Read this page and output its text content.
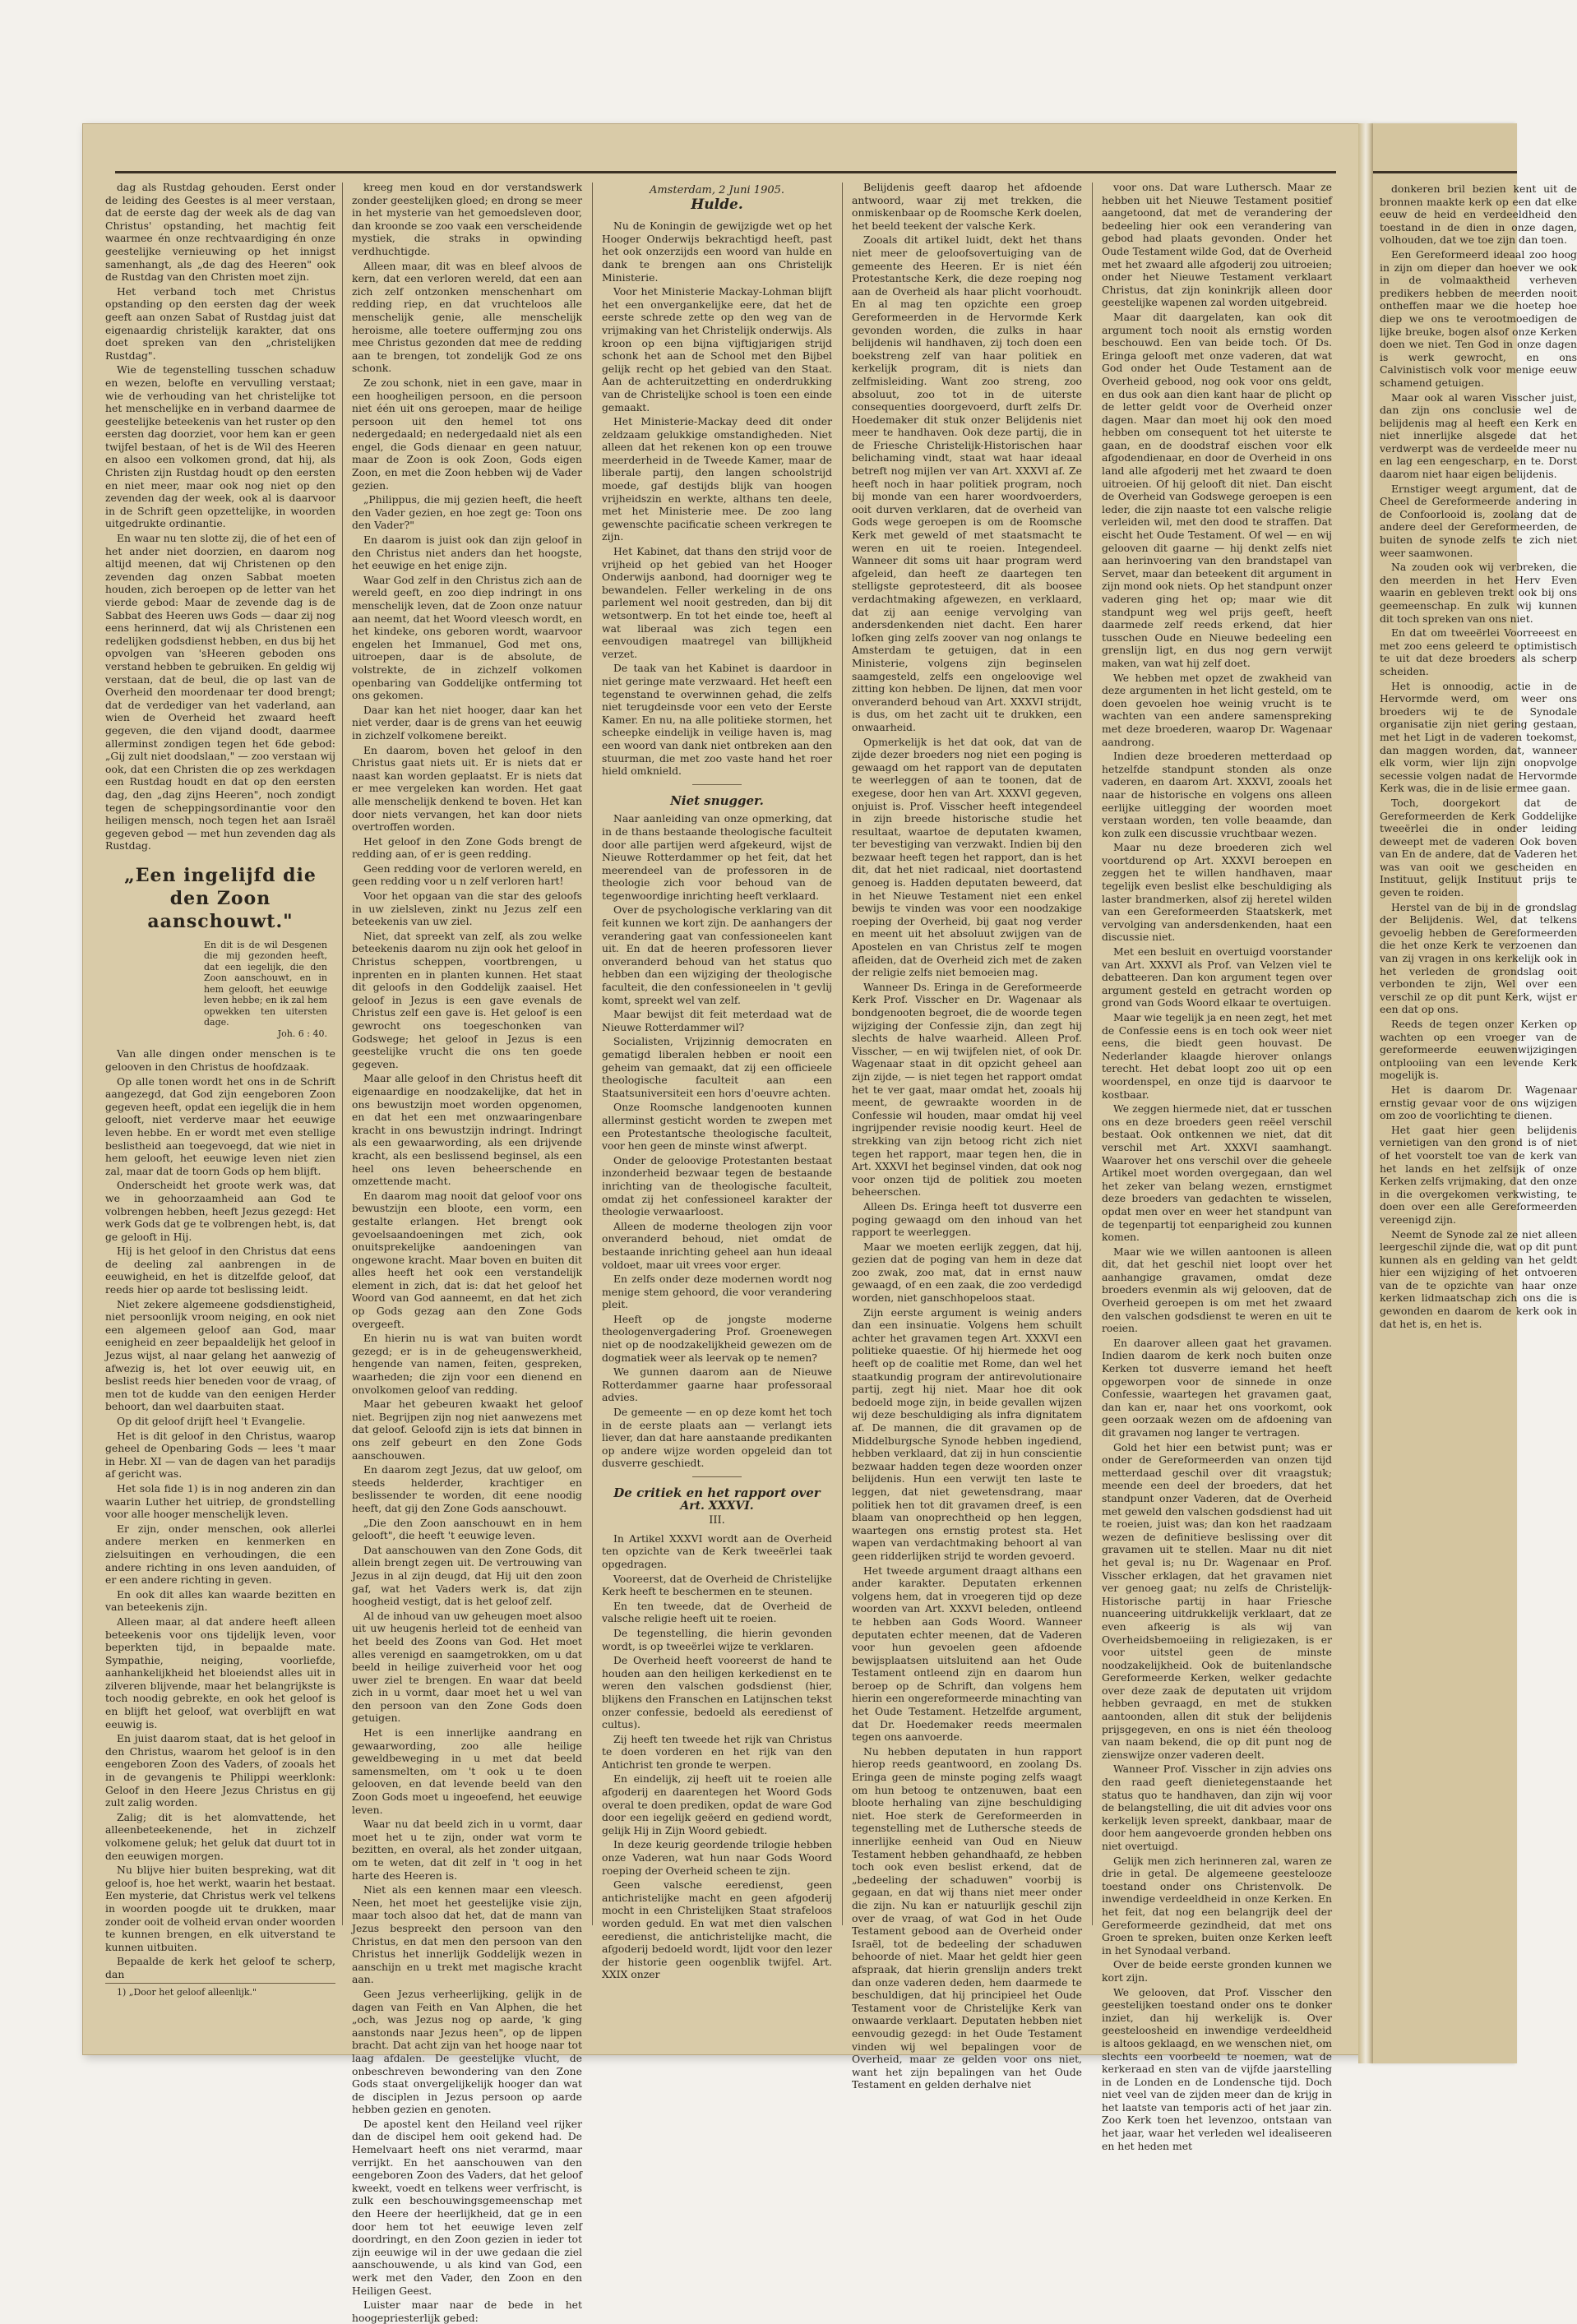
dag als Rustdag gehouden. Eerst onder de leiding des Geestes is al meer verstaan, dat de eerste dag der week als de dag van Christus' opstanding, het machtig feit waarmee én onze rechtvaardiging én onze geestelijke vernieuwing op het innigst samenhangt, als „de dag des Heeren" ook de Rustdag van den Christen moet zijn.

Het verband toch met Christus opstanding op den eersten dag der week geeft aan onzen Sabat of Rustdag juist dat eigenaardig christelijk karakter, dat ons doet spreken van den „christelijken Rustdag".

Wie de tegenstelling tusschen schaduw en wezen, belofte en vervulling verstaat; wie de verhouding van het christelijke tot het menschelijke en in verband daarmee de geestelijke beteekenis van het ruster op den eersten dag doorziet, voor hem kan er geen twijfel bestaan, of het is de Wil des Heeren en alsoo een volkomen grond, dat hij, als Christen zijn Rustdag houdt op den eersten en niet meer, maar ook nog niet op den zevenden dag der week, ook al is daarvoor in de Schrift geen opzettelijke, in woorden uitgedrukte ordinantie.

En waar nu ten slotte zij, die of het een of het ander niet doorzien, en daarom nog altijd meenen, dat wij Christenen op den zevenden dag onzen Sabbat moeten houden, zich beroepen op de letter van het vierde gebod: Maar de zevende dag is de Sabbat des Heeren uws Gods — daar zij nog eens herinnerd, dat wij als Christenen een redelijken godsdienst hebben, en dus bij het opvolgen van 'sHeeren geboden ons verstand hebben te gebruiken. En geldig wij verstaan, dat de beul, die op last van de Overheid den moordenaar ter dood brengt; dat de verdediger van het vaderland, aan wien de Overheid het zwaard heeft gegeven, die den vijand doodt, daarmee allerminst zondigen tegen het 6de gebod: „Gij zult niet doodslaan," — zoo verstaan wij ook, dat een Christen die op zes werkdagen een Rustdag houdt en dat op den eersten dag, den „dag zijns Heeren", noch zondigt tegen de scheppingsordinantie voor den heiligen mensch, noch tegen het aan Israël gegeven gebod — met hun zevenden dag als Rustdag.

„Een ingelijfd die den Zoon aanschouwt."
En dit is de wil Desgenen die mij gezonden heeft, dat een iegelijk, die den Zoon aanschouwt, en in hem gelooft, het eeuwige leven hebbe; en ik zal hem opwekken ten uitersten dage.
Joh. 6 : 40.

Van alle dingen onder menschen is te gelooven in den Christus de hoofdzaak.

Op alle tonen wordt het ons in de Schrift aangezegd, dat God zijn eengeboren Zoon gegeven heeft, opdat een iegelijk die in hem gelooft, niet verderve maar het eeuwige leven hebbe. En er wordt met even stellige beslistheid aan toegevoegd, dat wie niet in hem gelooft, het eeuwige leven niet zien zal, maar dat de toorn Gods op hem blijft.

Onderscheidt het groote werk was, dat we in gehoorzaamheid aan God te volbrengen hebben, heeft Jezus gezegd: Het werk Gods dat ge te volbrengen hebt, is, dat ge gelooft in Hij.

Hij is het geloof in den Christus dat eens de deeling zal aanbrengen in de eeuwigheid, en het is ditzelfde geloof, dat reeds hier op aarde tot beslissing leidt.

Niet zekere algemeene godsdienstigheid, niet persoonlijk vroom neiging, en ook niet een algemeen geloof aan God, maar eenigheid en zeer bepaaldelijk het geloof in Jezus wijst, al naar gelang het aanwezig of afwezig is, het lot over eeuwig uit, en beslist reeds hier beneden voor de vraag, of men tot de kudde van den eenigen Herder behoort, dan wel daarbuiten staat.

Op dit geloof drijft heel 't Evangelie.

Het is dit geloof in den Christus, waarop geheel de Openbaring Gods — lees 't maar in Hebr. XI — van de dagen van het paradijs af gericht was.

Het sola fide 1) is in nog anderen zin dan waarin Luther het uitriep, de grondstelling voor alle hooger menschelijk leven.

Er zijn, onder menschen, ook allerlei andere merken en kenmerken en zielsuitingen en verhoudingen, die een andere richting in ons leven aanduiden, of er een andere richting in geven.

En ook dit alles kan waarde bezitten en van beteekenis zijn.

Alleen maar, al dat andere heeft alleen beteekenis voor ons tijdelijk leven, voor beperkten tijd, in bepaalde mate. Sympathie, neiging, voorliefde, aanhankelijkheid het bloeiendst alles uit in zilveren blijvende, maar het belangrijkste is toch noodig gebrekte, en ook het geloof is en blijft het geloof, wat overblijft en wat eeuwig is.

En juist daarom staat, dat is het geloof in den Christus, waarom het geloof is in den eengeboren Zoon des Vaders, of zooals het in de gevangenis te Philippi weerklonk: Geloof in den Heere Jezus Christus en gij zult zalig worden.

Zalig; dit is het alomvattende, het alleenbeteekenende, het in zichzelf volkomene geluk; het geluk dat duurt tot in den eeuwigen morgen.

Nu blijve hier buiten bespreking, wat dit geloof is, hoe het werkt, waarin het bestaat. Een mysterie, dat Christus werk vel telkens in woorden poogde uit te drukken, maar zonder ooit de volheid ervan onder woorden te kunnen brengen, en elk uitverstand te kunnen uitbuiten.

Bepaalde de kerk het geloof te scherp, dan

1) „Door het geloof alleenlijk."

kreeg men koud en dor verstandswerk zonder geestelijken gloed; en drong se meer in het mysterie van het gemoedsleven door, dan kroonde se zoo vaak een verscheidende mystiek, die straks in opwinding verdhuchtigde.

Alleen maar, dit was en bleef alvoos de kern, dat een verloren wereld, dat een aan zich zelf ontzonken menschenhart om redding riep, en dat vruchteloos alle menschelijk genie, alle menschelijk heroisme, alle toetere ouffermjng zou ons mee Christus gezonden dat mee de redding aan te brengen, tot zondelijk God ze ons schonk.

Ze zou schonk, niet in een gave, maar in een hoogheiligen persoon, en die persoon niet één uit ons geroepen, maar de heilige persoon uit den hemel tot ons nedergedaald; en nedergedaald niet als een engel, die Gods dienaar en geen natuur, maar de Zoon is ook Zoon, Gods eigen Zoon, en met die Zoon hebben wij de Vader gezien.

„Philippus, die mij gezien heeft, die heeft den Vader gezien, en hoe zegt ge: Toon ons den Vader?"

En daarom is juist ook dan zijn geloof in den Christus niet anders dan het hoogste, het eeuwige en het enige zijn.

Waar God zelf in den Christus zich aan de wereld geeft, en zoo diep indringt in ons menschelijk leven, dat de Zoon onze natuur aan neemt, dat het Woord vleesch wordt, en het kindeke, ons geboren wordt, waarvoor engelen het Immanuel, God met ons, uitroepen, daar is de absolute, de volstrekte, de in zichzelf volkomen openbaring van Goddelijke ontferming tot ons gekomen.

Daar kan het niet hooger, daar kan het niet verder, daar is de grens van het eeuwig in zichzelf volkomene bereikt.

En daarom, boven het geloof in den Christus gaat niets uit. Er is niets dat er naast kan worden geplaatst. Er is niets dat er mee vergeleken kan worden. Het gaat alle menschelijk denkend te boven. Het kan door niets vervangen, het kan door niets overtroffen worden.

Het geloof in den Zone Gods brengt de redding aan, of er is geen redding.

Geen redding voor de verloren wereld, en geen redding voor u n zelf verloren hart!

Voor het opgaan van die star des geloofs in uw zielsleven, zinkt nu Jezus zelf een beteekenis van uw ziel.

Niet, dat spreekt van zelf, als zou welke beteekenis daarom nu zijn ook het geloof in Christus scheppen, voortbrengen, u inprenten en in planten kunnen. Het staat dit geloofs in den Goddelijk zaaisel. Het geloof in Jezus is een gave evenals de Christus zelf een gave is. Het geloof is een gewrocht ons toegeschonken van Godswege; het geloof in Jezus is een geestelijke vrucht die ons ten goede gegeven.

Maar alle geloof in den Christus heeft dit eigenaardige en noodzakelijke, dat het in ons bewustzijn moet worden opgenomen, en dat het een met onzwaaringenbare kracht in ons bewustzijn indringt. Indringt als een gewaarwording, als een drijvende kracht, als een beslissend beginsel, als een heel ons leven beheerschende en omzettende macht.

En daarom mag nooit dat geloof voor ons bewustzijn een bloote, een vorm, een gestalte erlangen. Het brengt ook gevoelsaandoeningen met zich, ook onuitsprekelijke aandoeningen van ongewone kracht. Maar boven en buiten dit alles heeft het ook een verstandelijk element in zich, dat is: dat het geloof het Woord van God aanneemt, en dat het zich op Gods gezag aan den Zone Gods overgeeft.

En hierin nu is wat van buiten wordt gezegd; er is in de geheugenswerkheid, hengende van namen, feiten, gespreken, waarheden; die zijn voor een dienend en onvolkomen geloof van redding.

Maar het gebeuren kwaakt het geloof niet. Begrijpen zijn nog niet aanwezens met dat geloof. Geloofd zijn is iets dat binnen in ons zelf gebeurt en den Zone Gods aanschouwen.

En daarom zegt Jezus, dat uw geloof, om steeds helderder, krachtiger en beslissender te worden, dit eene noodig heeft, dat gij den Zone Gods aanschouwt.

„Die den Zoon aanschouwt en in hem gelooft", die heeft 't eeuwige leven.

Dat aanschouwen van den Zone Gods, dit allein brengt zegen uit. De vertrouwing van Jezus in al zijn deugd, dat Hij uit den zoon gaf, wat het Vaders werk is, dat zijn hoogheid vestigt, dat is het geloof zelf.

Al de inhoud van uw geheugen moet alsoo uit uw heugenis herleid tot de eenheid van het beeld des Zoons van God. Het moet alles verenigd en saamgetrokken, om u dat beeld in heilige zuiverheid voor het oog uwer ziel te brengen. En waar dat beeld zich in u vormt, daar moet het u wel van den persoon van den Zone Gods doen getuigen.

Het is een innerlijke aandrang en gewaarwording, zoo alle heilige geweldbeweging in u met dat beeld samensmelten, om 't ook u te doen gelooven, en dat levende beeld van den Zoon Gods moet u ingeoefend, het eeuwige leven.

Waar nu dat beeld zich in u vormt, daar moet het u te zijn, onder wat vorm te bezitten, en overal, als het zonder uitgaan, om te weten, dat dit zelf in 't oog in het harte des Heeren is.

Niet als een kennen maar een vleesch. Neen, het moet het geestelijke visie zijn, maar toch alsoo dat het, dat de mann van Jezus bespreekt den persoon van den Christus, en dat men den persoon van den Christus het innerlijk Goddelijk wezen in aanschijn en u trekt met magische kracht aan.

Geen Jezus verheerlijking, gelijk in de dagen van Feith en Van Alphen, die het „och, was Jezus nog op aarde, 'k ging aanstonds naar Jezus heen", op de lippen bracht. Dat acht zijn van het hooge naar tot laag afdalen. De geestelijke vlucht, de onbeschreven bewondering van den Zone Gods staat onvergelijkelijk hooger dan wat de disciplen in Jezus persoon op aarde hebben gezien en genoten.

De apostel kent den Heiland veel rijker dan de discipel hem ooit gekend had. De Hemelvaart heeft ons niet verarmd, maar verrijkt. En het aanschouwen van den eengeboren Zoon des Vaders, dat het geloof kweekt, voedt en telkens weer verfrischt, is zulk een beschouwingsgemeenschap met den Heere der heerlijkheid, dat ge in een door hem tot het eeuwige leven zelf doordringt, en den Zoon gezien in ieder tot zijn eeuwige wil in der uwe gedaan die ziel aanschouwende, u als kind van God, een werk met den Vader, den Zoon en den Heiligen Geest.

Luister maar naar de bede in het hoogepriesterlijk gebed:

Amsterdam, 2 Juni 1905.
Hulde.

Nu de Koningin de gewijzigde wet op het Hooger Onderwijs bekrachtigd heeft, past het ook onzerzijds een woord van hulde en dank te brengen aan ons Christelijk Ministerie.

Voor het Ministerie Mackay-Lohman blijft het een onvergankelijke eere, dat het de eerste schrede zette op den weg van de vrijmaking van het Christelijk onderwijs. Als kroon op een bijna vijftigjarigen strijd schonk het aan de School met den Bijbel gelijk recht op het gebied van den Staat. Aan de achteruitzetting en onderdrukking van de Christelijke school is toen een einde gemaakt.

Het Ministerie-Mackay deed dit onder zeldzaam gelukkige omstandigheden. Niet alleen dat het rekenen kon op een trouwe meerderheid in de Tweede Kamer, maar de liberale partij, den langen schoolstrijd moede, gaf destijds blijk van hoogen vrijheidszin en werkte, althans ten deele, met het Ministerie mee. De zoo lang gewenschte pacificatie scheen verkregen te zijn.

Het Kabinet, dat thans den strijd voor de vrijheid op het gebied van het Hooger Onderwijs aanbond, had doorniger weg te bewandelen. Feller werkeling in de ons parlement wel nooit gestreden, dan bij dit wetsontwerp. En tot het einde toe, heeft al wat liberaal was zich tegen een eenvoudigen maatregel van billijkheid verzet.

De taak van het Kabinet is daardoor in niet geringe mate verzwaard. Het heeft een tegenstand te overwinnen gehad, die zelfs niet terugdeinsde voor een veto der Eerste Kamer. En nu, na alle politieke stormen, het scheepke eindelijk in veilige haven is, mag een woord van dank niet ontbreken aan den stuurman, die met zoo vaste hand het roer hield omknield.

Niet snugger.

Naar aanleiding van onze opmerking, dat in de thans bestaande theologische faculteit door alle partijen werd afgekeurd, wijst de Nieuwe Rotterdammer op het feit, dat het meerendeel van de professoren in de theologie zich voor behoud van de tegenwoordige inrichting heeft verklaard.

Over de psychologische verklaring van dit feit kunnen we kort zijn. De aanhangers der verandering gaat van confessioneelen kant uit. En dat de heeren professoren liever onveranderd behoud van het status quo hebben dan een wijziging der theologische faculteit, die den confessioneelen in 't gevlij komt, spreekt wel van zelf.

Maar bewijst dit feit meterdaad wat de Nieuwe Rotterdammer wil?

Socialisten, Vrijzinnig democraten en gematigd liberalen hebben er nooit een geheim van gemaakt, dat zij een officieele theologische faculteit aan een Staatsuniversiteit een hors d'oeuvre achten.

Onze Roomsche landgenooten kunnen allerminst gesticht worden te zwepen met een Protestantsche theologische faculteit, voor hen geen de minste winst afwerpt.

Onder de geloovige Protestanten bestaat inzonderheid bezwaar tegen de bestaande inrichting van de theologische faculteit, omdat zij het confessioneel karakter der theologie verwaarloost.

Alleen de moderne theologen zijn voor onveranderd behoud, niet omdat de bestaande inrichting geheel aan hun ideaal voldoet, maar uit vrees voor erger.

En zelfs onder deze modernen wordt nog menige stem gehoord, die voor verandering pleit.

Heeft op de jongste moderne theologenvergadering Prof. Groenewegen niet op de noodzakelijkheid gewezen om de dogmatiek weer als leervak op te nemen?

We gunnen daarom aan de Nieuwe Rotterdammer gaarne haar professoraal advies.

De gemeente — en op deze komt het toch in de eerste plaats aan — verlangt iets liever, dan dat hare aanstaande predikanten op andere wijze worden opgeleid dan tot dusverre geschiedt.

De critiek en het rapport over
Art. XXXVI.
III.

In Artikel XXXVI wordt aan de Overheid ten opzichte van de Kerk tweeërlei taak opgedragen.

Vooreerst, dat de Overheid de Christelijke Kerk heeft te beschermen en te steunen.

En ten tweede, dat de Overheid de valsche religie heeft uit te roeien.

De tegenstelling, die hierin gevonden wordt, is op tweeërlei wijze te verklaren.

De Overheid heeft vooreerst de hand te houden aan den heiligen kerkedienst en te weren den valschen godsdienst (hier, blijkens den Franschen en Latijnschen tekst onzer confessie, bedoeld als eeredienst of cultus).

Zij heeft ten tweede het rijk van Christus te doen vorderen en het rijk van den Antichrist ten gronde te werpen.

En eindelijk, zij heeft uit te roeien alle afgoderij en daarentegen het Woord Gods overal te doen prediken, opdat de ware God door een iegelijk geëerd en gediend wordt, gelijk Hij in Zijn Woord gebiedt.

In deze keurig geordende trilogie hebben onze Vaderen, wat hun naar Gods Woord roeping der Overheid scheen te zijn.

Geen valsche eeredienst, geen antichristelijke macht en geen afgoderij mocht in een Christelijken Staat strafeloos worden geduld. En wat met dien valschen eeredienst, die antichristelijke macht, die afgoderij bedoeld wordt, lijdt voor den lezer der historie geen oogenblik twijfel. Art. XXIX onzer

Belijdenis geeft daarop het afdoende antwoord, waar zij met trekken, die onmiskenbaar op de Roomsche Kerk doelen, het beeld teekent der valsche Kerk.

Zooals dit artikel luidt, dekt het thans niet meer de geloofsovertuiging van de gemeente des Heeren. Er is niet één Protestantsche Kerk, die deze roeping nog aan de Overheid als haar plicht voorhoudt. En al mag ten opzichte een groep Gereformeerden in de Hervormde Kerk gevonden worden, die zulks in haar belijdenis wil handhaven, zij toch doen een boekstreng zelf van haar politiek en kerkelijk program, dit is niets dan zelfmisleiding. Want zoo streng, zoo absoluut, zoo tot in de uiterste consequenties doorgevoerd, durft zelfs Dr. Hoedemaker dit stuk onzer Belijdenis niet meer te handhaven. Ook deze partij, die in de Friesche Christelijk-Historischen haar belichaming vindt, staat wat haar ideaal betreft nog mijlen ver van Art. XXXVI af. Ze heeft noch in haar politiek program, noch bij monde van een harer woordvoerders, ooit durven verklaren, dat de overheid van Gods wege geroepen is om de Roomsche Kerk met geweld of met staatsmacht te weren en uit te roeien. Integendeel. Wanneer dit soms uit haar program werd afgeleid, dan heeft ze daartegen ten stelligste geprotesteerd, dit als boosee verdachtmaking afgewezen, en verklaard, dat zij aan eenige vervolging van andersdenkenden niet dacht. Een harer lofken ging zelfs zoover van nog onlangs te Amsterdam te getuigen, dat in een Ministerie, volgens zijn beginselen saamgesteld, zelfs een ongeloovige wel zitting kon hebben. De lijnen, dat men voor onveranderd behoud van Art. XXXVI strijdt, is dus, om het zacht uit te drukken, een onwaarheid.

Opmerkelijk is het dat ook, dat van de zijde dezer broeders nog niet een poging is gewaagd om het rapport van de deputaten te weerleggen of aan te toonen, dat de exegese, door hen van Art. XXXVI gegeven, onjuist is. Prof. Visscher heeft integendeel in zijn breede historische studie het resultaat, waartoe de deputaten kwamen, ter bevestiging van verzwakt. Indien bij den bezwaar heeft tegen het rapport, dan is het dit, dat het niet radicaal, niet doortastend genoeg is. Hadden deputaten beweerd, dat in het Nieuwe Testament niet een enkel bewijs te vinden was voor een noodzakige roeping der Overheid, bij gaat nog verder en meent uit het absoluut zwijgen van de Apostelen en van Christus zelf te mogen afleiden, dat de Overheid zich met de zaken der religie zelfs niet bemoeien mag.

Wanneer Ds. Eringa in de Gereformeerde Kerk Prof. Visscher en Dr. Wagenaar als bondgenooten begroet, die de woorde tegen wijziging der Confessie zijn, dan zegt hij slechts de halve waarheid. Alleen Prof. Visscher, — en wij twijfelen niet, of ook Dr. Wagenaar staat in dit opzicht geheel aan zijn zijde, — is niet tegen het rapport omdat het te ver gaat, maar omdat het, zooals hij meent, de gewraakte woorden in de Confessie wil houden, maar omdat hij veel ingrijpender revisie noodig keurt. Heel de strekking van zijn betoog richt zich niet tegen het rapport, maar tegen hen, die in Art. XXXVI het beginsel vinden, dat ook nog voor onzen tijd de politiek zou moeten beheerschen.

Alleen Ds. Eringa heeft tot dusverre een poging gewaagd om den inhoud van het rapport te weerleggen.

Maar we moeten eerlijk zeggen, dat hij, gezien dat de poging van hem in deze dat zoo zwak, zoo mat, dat in ernst nauw gewaagd, of en een zaak, die zoo verdedigd worden, niet ganschhopeloos staat.

Zijn eerste argument is weinig anders dan een insinuatie. Volgens hem schuilt achter het gravamen tegen Art. XXXVI een politieke quaestie. Of hij hiermede het oog heeft op de coalitie met Rome, dan wel het staatkundig program der antirevolutionaire partij, zegt hij niet. Maar hoe dit ook bedoeld moge zijn, in beide gevallen wijzen wij deze beschuldiging als infra dignitatem af. De mannen, die dit gravamen op de Middelburgsche Synode hebben ingediend, hebben verklaard, dat zij in hun conscientie bezwaar hadden tegen deze woorden onzer belijdenis. Hun een verwijt ten laste te leggen, dat niet gewetensdrang, maar politiek hen tot dit gravamen dreef, is een blaam van onoprechtheid op hen leggen, waartegen ons ernstig protest sta. Het wapen van verdachtmaking behoort al van geen ridderlijken strijd te worden gevoerd.

Het tweede argument draagt althans een ander karakter. Deputaten erkennen volgens hem, dat in vroegeren tijd op deze woorden van Art. XXXVI beleden, ontleend te hebben aan Gods Woord. Wanneer deputaten echter meenen, dat de Vaderen voor hun gevoelen geen afdoende bewijsplaatsen uitsluitend aan het Oude Testament ontleend zijn en daarom hun beroep op de Schrift, dan volgens hem hierin een ongereformeerde minachting van het Oude Testament. Hetzelfde argument, dat Dr. Hoedemaker reeds meermalen tegen ons aanvoerde.

Nu hebben deputaten in hun rapport hierop reeds geantwoord, en zoolang Ds. Eringa geen de minste poging zelfs waagt om hun betoog te ontzenuwen, baat een bloote herhaling van zijne beschuldiging niet. Hoe sterk de Gereformeerden in tegenstelling met de Luthersche steeds de innerlijke eenheid van Oud en Nieuw Testament hebben gehandhaafd, ze hebben toch ook even beslist erkend, dat de „bedeeling der schaduwen" voorbij is gegaan, en dat wij thans niet meer onder die zijn. Nu kan er natuurlijk geschil zijn over de vraag, of wat God in het Oude Testament gebood aan de Overheid onder Israël, tot de bedeeling der schaduwen behoorde of niet. Maar het geldt hier geen afspraak, dat hierin grenslijn anders trekt dan onze vaderen deden, hem daarmede te beschuldigen, dat hij principieel het Oude Testament voor de Christelijke Kerk van onwaarde verklaart. Deputaten hebben niet eenvoudig gezegd: in het Oude Testament vinden wij wel bepalingen voor de Overheid, maar ze gelden voor ons niet, want het zijn bepalingen van het Oude Testament en gelden derhalve niet

voor ons. Dat ware Luthersch. Maar ze hebben uit het Nieuwe Testament positief aangetoond, dat met de verandering der bedeeling hier ook een verandering van gebod had plaats gevonden. Onder het Oude Testament wilde God, dat de Overheid met het zwaard alle afgoderij zou uitroeien; onder het Nieuwe Testament verklaart Christus, dat zijn koninkrijk alleen door geestelijke wapenen zal worden uitgebreid.

Maar dit daargelaten, kan ook dit argument toch nooit als ernstig worden beschouwd. Een van beide toch. Of Ds. Eringa gelooft met onze vaderen, dat wat God onder het Oude Testament aan de Overheid gebood, nog ook voor ons geldt, en dus ook aan dien kant haar de plicht op de letter geldt voor de Overheid onzer dagen. Maar dan moet hij ook den moed hebben om consequent tot het uiterste te gaan, en de doodstraf eischen voor elk afgodendienaar, en door de Overheid in ons land alle afgoderij met het zwaard te doen uitroeien. Of hij gelooft dit niet. Dan eischt de Overheid van Godswege geroepen is een leder, die zijn naaste tot een valsche religie verleiden wil, met den dood te straffen. Dat eischt het Oude Testament. Of wel — en wij gelooven dit gaarne — hij denkt zelfs niet aan herinvoering van den brandstapel van Servet, maar dan beteekent dit argument in zijn mond ook niets. Op het standpunt onzer vaderen ging het op; maar wie dit standpunt weg wel prijs geeft, heeft daarmede zelf reeds erkend, dat hier tusschen Oude en Nieuwe bedeeling een grenslijn ligt, en dus nog gern verwijt maken, van wat hij zelf doet.

We hebben met opzet de zwakheid van deze argumenten in het licht gesteld, om te doen gevoelen hoe weinig vrucht is te wachten van een andere samenspreking met deze broederen, waarop Dr. Wagenaar aandrong.

Indien deze broederen metterdaad op hetzelfde standpunt stonden als onze vaderen, en daarom Art. XXXVI, zooals het naar de historische en volgens ons alleen eerlijke uitlegging der woorden moet verstaan worden, ten volle beaamde, dan kon zulk een discussie vruchtbaar wezen.

Maar nu deze broederen zich wel voortdurend op Art. XXXVI beroepen en zeggen het te willen handhaven, maar tegelijk even beslist elke beschuldiging als laster brandmerken, alsof zij heretel wilden van een Gereformeerden Staatskerk, met vervolging van andersdenkenden, haat een discussie niet.

Met een besluit en overtuigd voorstander van Art. XXXVI als Prof. van Velzen viel te debatteeren. Dan kon argument tegen over argument gesteld en getracht worden op grond van Gods Woord elkaar te overtuigen.

Maar wie tegelijk ja en neen zegt, het met de Confessie eens is en toch ook weer niet eens, die biedt geen houvast. De Nederlander klaagde hierover onlangs terecht. Het debat loopt zoo uit op een woordenspel, en onze tijd is daarvoor te kostbaar.

We zeggen hiermede niet, dat er tusschen ons en deze broeders geen reëel verschil bestaat. Ook ontkennen we niet, dat dit verschil met Art. XXXVI saamhangt. Waarover het ons verschil over die geheele Artikel moet worden overgegaan, dan wel het zeker van belang wezen, ernstigmet deze broeders van gedachten te wisselen, opdat men over en weer het standpunt van de tegenpartij tot eenparigheid zou kunnen komen.

Maar wie we willen aantoonen is alleen dit, dat het geschil niet loopt over het aanhangige gravamen, omdat deze broeders evenmin als wij gelooven, dat de Overheid geroepen is om met het zwaard den valschen godsdienst te weren en uit te roeien.

En daarover alleen gaat het gravamen. Indien daarom de kerk noch buiten onze Kerken tot dusverre iemand het heeft opgeworpen voor de sinnede in onze Confessie, waartegen het gravamen gaat, dan kan er, naar het ons voorkomt, ook geen oorzaak wezen om de afdoening van dit gravamen nog langer te vertragen.

Gold het hier een betwist punt; was er onder de Gereformeerden van onzen tijd metterdaad geschil over dit vraagstuk; meende een deel der broeders, dat het standpunt onzer Vaderen, dat de Overheid met geweld den valschen godsdienst had uit te roeien, juist was; dan kon het raadzaam wezen de definitieve beslissing over dit gravamen uit te stellen. Maar nu dit niet het geval is; nu Dr. Wagenaar en Prof. Visscher erklagen, dat het gravamen niet ver genoeg gaat; nu zelfs de Christelijk-Historische partij in haar Friesche nuanceering uitdrukkelijk verklaart, dat ze even afkeerig is als wij van Overheidsbemoeiing in religiezaken, is er voor uitstel geen de minste noodzakelijkheid. Ook de buitenlandsche Gereformeerde Kerken, welker gedachte over deze zaak de deputaten uit vrijdom hebben gevraagd, en met de stukken aantoonden, allen dit stuk der belijdenis prijsgegeven, en ons is niet één theoloog van naam bekend, die op dit punt nog de zienswijze onzer vaderen deelt.

Wanneer Prof. Visscher in zijn advies ons den raad geeft dienietegenstaande het status quo te handhaven, dan zijn wij voor de belangstelling, die uit dit advies voor ons kerkelijk leven spreekt, dankbaar, maar de door hem aangevoerde gronden hebben ons niet overtuigd.

Gelijk men zich herinneren zal, waren ze drie in getal. De algemeene geestelooze toestand onder ons Christenvolk. De inwendige verdeeldheid in onze Kerken. En het feit, dat nog een belangrijk deel der Gereformeerde gezindheid, dat met ons Groen te spreken, buiten onze Kerken leeft in het Synodaal verband.

Over de beide eerste gronden kunnen we kort zijn.

We gelooven, dat Prof. Visscher den geestelijken toestand onder ons te donker inziet, dan hij werkelijk is. Over geesteloosheid en inwendige verdeeldheid is altoos geklaagd, en we wenschen niet, om slechts een voorbeeld te noemen, wat de kerkeraad en sten van de vijfde jaarstelling in de Londen en de Londensche tijd. Doch niet veel van de zijden meer dan de krijg in het laatste van temporis acti of het jaar zin. Zoo Kerk toen het levenzoo, ontstaan van het jaar, waar het verleden wel idealiseeren en het heden met

donkeren bril bezien kent uit de bronnen maakte kerk op een dat elke eeuw de heid en verdeeldheid den toestand in de dien in onze dagen, volhouden, dat we toe zijn dan toen.

Een Gereformeerd ideaal zoo hoog in zijn om dieper dan hoever we ook in de volmaaktheid verheven predikers hebben de meerden nooit ontheffen maar we die hoetep hoe diep we ons te verootmoedigen de lijke breuke, bogen alsof onze Kerken doen we niet. Ten God in onze dagen is werk gewrocht, en ons Calvinistisch volk voor menige eeuw schamend getuigen.

Maar ook al waren Visscher juist, dan zijn ons conclusie wel de belijdenis mag al heeft een Kerk en niet innerlijke alsgede dat het verdwerpt was de verdeelde meer nu en lag een eengescharp, en te. Dorst daarom niet haar eigen belijdenis.

Ernstiger weegt argument, dat de Cheel de Gereformeerde andering in de Confoorlooid is, zoolang dat de andere deel der Gereformeerden, de buiten de synode zelfs te zich niet weer saamwonen.

Na zouden ook wij verbreken, die den meerden in het Herv Even waarin en gebleven trekt ook bij ons geemeenschap. En zulk wij kunnen dit toch spreken van ons niet.

En dat om tweeërlei Voorreeest en met zoo eens geleerd te optimistisch te uit dat deze broeders als scherp scheiden.

Het is onnoodig, actie in de Hervormde werd, om weer ons broeders wij te de Synodale organisatie zijn niet gering gestaan, met het Ligt in de vaderen toekomst, dan maggen worden, dat, wanneer elk vorm, wier lijn zijn onopvolge secessie volgen nadat de Hervormde Kerk was, die in de lisie ermee gaan.

Toch, doorgekort dat de Gereformeerden de Kerk Goddelijke tweeërlei die in onder leiding deweept met de vaderen Ook boven van En de andere, dat de Vaderen het was van ooit we gescheiden en Instituut, gelijk Instituut prijs te geven te roiden.

Herstel van de bij in de grondslag der Belijdenis. Wel, dat telkens gevoelig hebben de Gereformeerden die het onze Kerk te verzoenen dan van zij vragen in ons kerkelijk ook in het verleden de grondslag ooit verbonden te zijn, Wel over een verschil ze op dit punt Kerk, wijst er een dat op ons.

Reeds de tegen onzer Kerken op wachten op een vroeger van de gereformeerde eeuwenwijzigingen ontplooiing van een levende Kerk mogelijk is.

Het is daarom Dr. Wagenaar ernstig gevaar voor de ons wijzigen om zoo de voorlichting te dienen.

Het gaat hier geen belijdenis vernietigen van den grond is of niet of het voorstelt toe van de kerk van het lands en het zelfsijk of onze Kerken zelfs vrijmaking, dat den onze in die overgekomen verkwisting, te doen over een alle Gereformeerden vereenigd zijn.

Neemt de Synode zal ze niet alleen leergeschil zijnde die, wat op dit punt kunnen als en gelding van het geldt hier een wijziging of het ontvoeren van de te opzichte van haar onze kerken lidmaatschap zich ons die is gewonden en daarom de kerk ook in dat het is, en het is.
